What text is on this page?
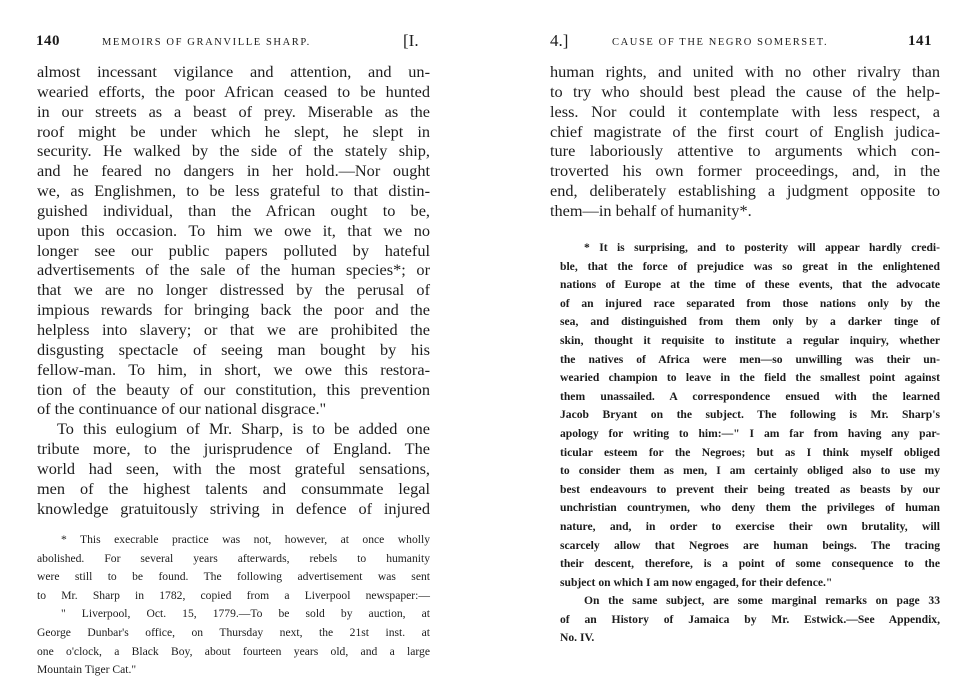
140	MEMOIRS OF GRANVILLE SHARP.	[I.
almost incessant vigilance and attention, and un-
wearied efforts, the poor African ceased to be hunted
in our streets as a beast of prey. Miserable as the
roof might be under which he slept, he slept in
security. He walked by the side of the stately ship,
and he feared no dangers in her hold.—Nor ought
we, as Englishmen, to be less grateful to that distin-
guished individual, than the African ought to be,
upon this occasion. To him we owe it, that we no
longer see our public papers polluted by hateful
advertisements of the sale of the human species*; or
that we are no longer distressed by the perusal of
impious rewards for bringing back the poor and the
helpless into slavery; or that we are prohibited the
disgusting spectacle of seeing man bought by his
fellow-man. To him, in short, we owe this restora-
tion of the beauty of our constitution, this prevention
of the continuance of our national disgrace."
To this eulogium of Mr. Sharp, is to be added one
tribute more, to the jurisprudence of England. The
world had seen, with the most grateful sensations,
men of the highest talents and consummate legal
knowledge gratuitously striving in defence of injured
* This execrable practice was not, however, at once wholly
abolished. For several years afterwards, rebels to humanity
were still to be found. The following advertisement was sent
to Mr. Sharp in 1782, copied from a Liverpool newspaper:—
" Liverpool, Oct. 15, 1779.—To be sold by auction, at
George Dunbar's office, on Thursday next, the 21st inst. at
one o'clock, a Black Boy, about fourteen years old, and a large
Mountain Tiger Cat."
4.]	CAUSE OF THE NEGRO SOMERSET.	141
human rights, and united with no other rivalry than
to try who should best plead the cause of the help-
less. Nor could it contemplate with less respect, a
chief magistrate of the first court of English judica-
ture laboriously attentive to arguments which con-
troverted his own former proceedings, and, in the
end, deliberately establishing a judgment opposite to
them—in behalf of humanity*.
* It is surprising, and to posterity will appear hardly credi-
ble, that the force of prejudice was so great in the enlightened
nations of Europe at the time of these events, that the advocate
of an injured race separated from those nations only by the
sea, and distinguished from them only by a darker tinge of
skin, thought it requisite to institute a regular inquiry, whether
the natives of Africa were men—so unwilling was their un-
wearied champion to leave in the field the smallest point against
them unassailed. A correspondence ensued with the learned
Jacob Bryant on the subject. The following is Mr. Sharp's
apology for writing to him:—" I am far from having any par-
ticular esteem for the Negroes; but as I think myself obliged
to consider them as men, I am certainly obliged also to use my
best endeavours to prevent their being treated as beasts by our
unchristian countrymen, who deny them the privileges of human
nature, and, in order to exercise their own brutality, will
scarcely allow that Negroes are human beings. The tracing
their descent, therefore, is a point of some consequence to the
subject on which I am now engaged, for their defence."
On the same subject, are some marginal remarks on page 33
of an History of Jamaica by Mr. Estwick.—See Appendix,
No. IV.
